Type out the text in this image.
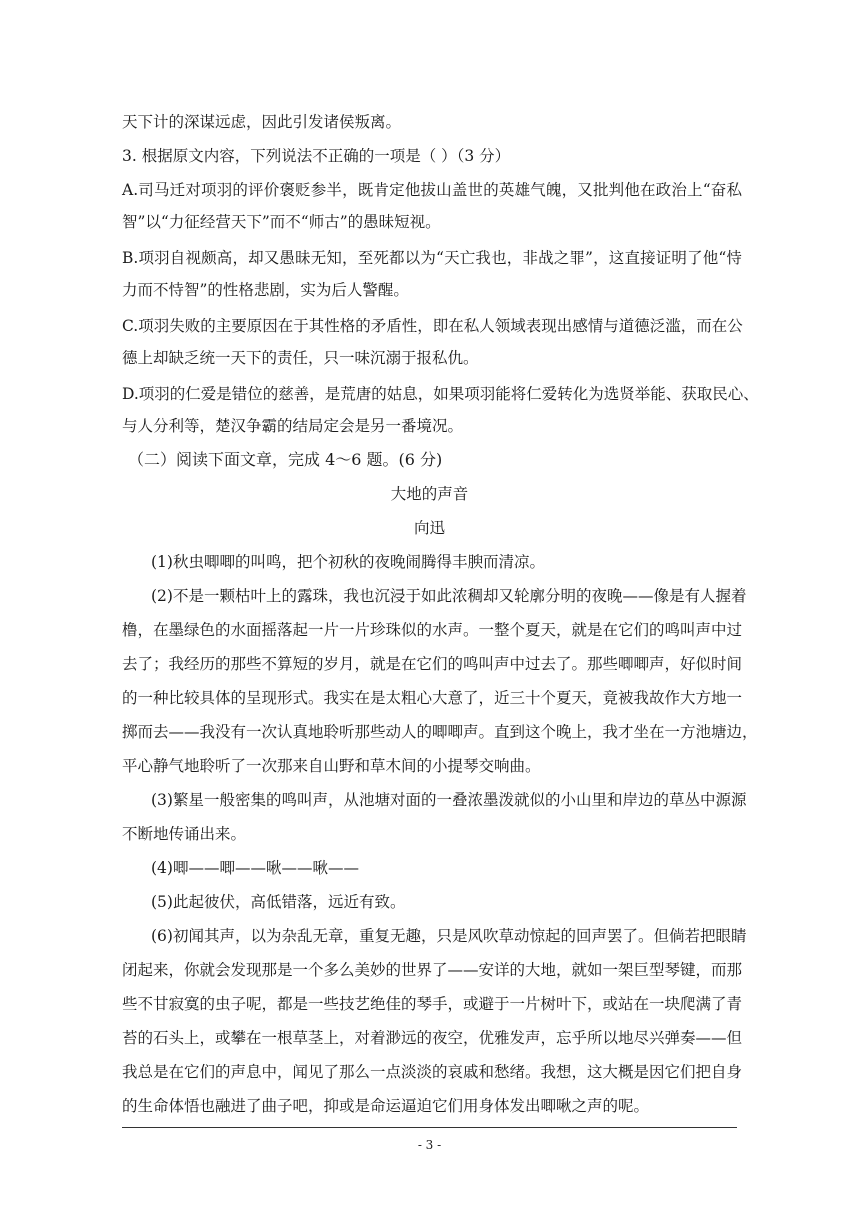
天下计的深谋远虑，因此引发诸侯叛离。
3. 根据原文内容，下列说法不正确的一项是（ ）（3 分）
A.司马迁对项羽的评价褒贬参半，既肯定他拔山盖世的英雄气魄，又批判他在政治上“奋私
智”以“力征经营天下”而不“师古”的愚昧短视。
B.项羽自视颇高，却又愚昧无知，至死都以为“天亡我也，非战之罪”，这直接证明了他“恃
力而不恃智”的性格悲剧，实为后人警醒。
C.项羽失败的主要原因在于其性格的矛盾性，即在私人领域表现出感情与道德泛滥，而在公
德上却缺乏统一天下的责任，只一味沉溺于报私仇。
D.项羽的仁爱是错位的慈善，是荒唐的姑息，如果项羽能将仁爱转化为选贤举能、获取民心、
与人分利等，楚汉争霸的结局定会是另一番境况。
（二）阅读下面文章，完成 4～6 题。(6 分)
大地的声音
向迅
(1)秋虫唧唧的叫鸣，把个初秋的夜晚闹腾得丰腴而清凉。
(2)不是一颗枯叶上的露珠，我也沉浸于如此浓稠却又轮廓分明的夜晚——像是有人握着
橹，在墨绿色的水面摇落起一片一片珍珠似的水声。一整个夏天，就是在它们的鸣叫声中过
去了；我经历的那些不算短的岁月，就是在它们的鸣叫声中过去了。那些唧唧声，好似时间
的一种比较具体的呈现形式。我实在是太粗心大意了，近三十个夏天，竟被我故作大方地一
掷而去——我没有一次认真地聆听那些动人的唧唧声。直到这个晚上，我才坐在一方池塘边，
平心静气地聆听了一次那来自山野和草木间的小提琴交响曲。
(3)繁星一般密集的鸣叫声，从池塘对面的一叠浓墨泼就似的小山里和岸边的草丛中源源
不断地传诵出来。
(4)唧——唧——啾——啾——
(5)此起彼伏，高低错落，远近有致。
(6)初闻其声，以为杂乱无章，重复无趣，只是风吹草动惊起的回声罢了。但倘若把眼睛
闭起来，你就会发现那是一个多么美妙的世界了——安详的大地，就如一架巨型琴键，而那
些不甘寂寞的虫子呢，都是一些技艺绝佳的琴手，或避于一片树叶下，或站在一块爬满了青
苔的石头上，或攀在一根草茎上，对着渺远的夜空，优雅发声，忘乎所以地尽兴弹奏——但
我总是在它们的声息中，闻见了那么一点淡淡的哀戚和愁绪。我想，这大概是因它们把自身
的生命体悟也融进了曲子吧，抑或是命运逼迫它们用身体发出唧啾之声的呢。
- 3 -
